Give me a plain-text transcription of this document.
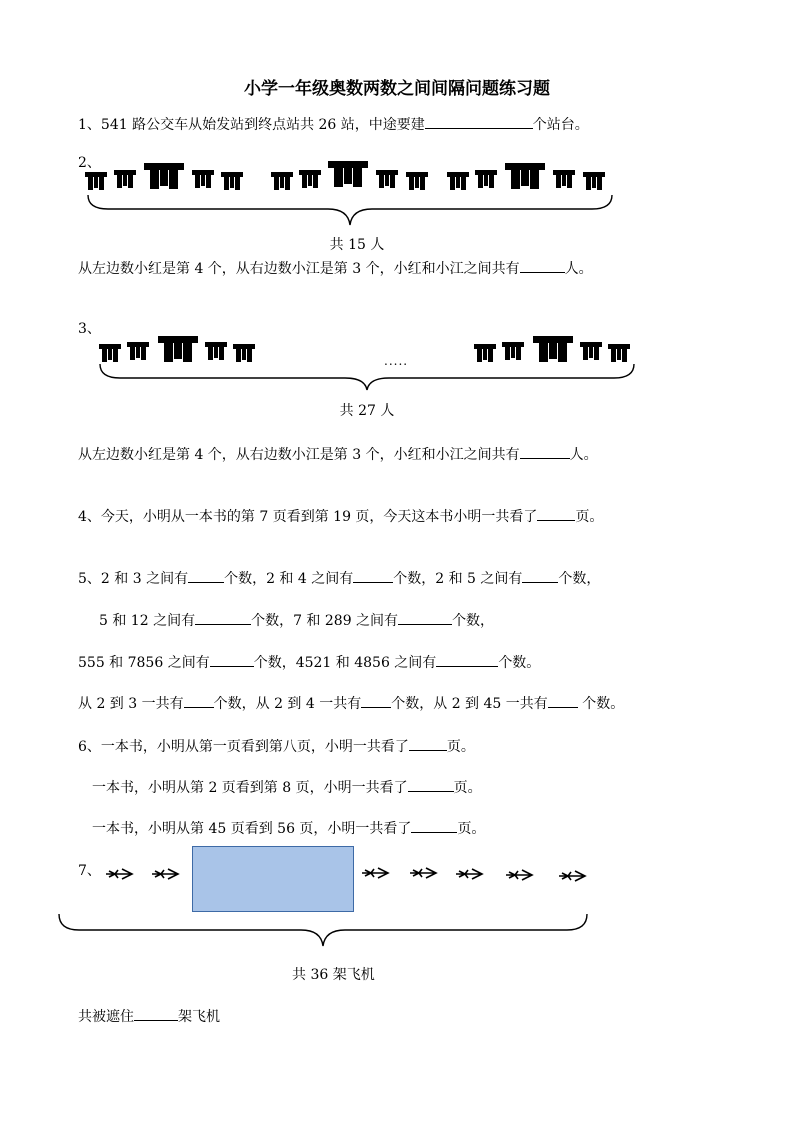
小学一年级奥数两数之间间隔问题练习题
1、541 路公交车从始发站到终点站共 26 站，中途要建	个站台。
2、
共 15 人
从左边数小红是第 4 个，从右边数小江是第 3 个，小红和小江之间共有	人。
3、
.....
共 27 人
从左边数小红是第 4 个，从右边数小江是第 3 个，小红和小江之间共有	人。
4、今天，小明从一本书的第 7 页看到第 19 页，今天这本书小明一共看了	页。
5、2 和 3 之间有	个数，2 和 4 之间有	个数，2 和 5 之间有	个数，
5 和 12 之间有	个数，7 和 289 之间有	个数，
555 和 7856 之间有	个数，4521 和 4856 之间有	个数。
从 2 到 3 一共有 个数，从 2 到 4 一共有 个数，从 2 到 45 一共有 个数。
6、一本书，小明从第一页看到第八页，小明一共看了	页。
一本书，小明从第 2 页看到第 8 页，小明一共看了	页。
一本书，小明从第 45 页看到 56 页，小明一共看了	页。
7、
共 36 架飞机
共被遮住	架飞机
